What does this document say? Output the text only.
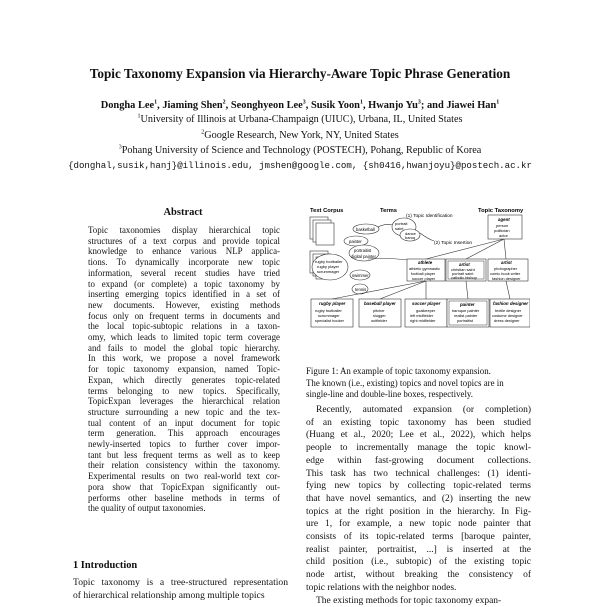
Topic Taxonomy Expansion via Hierarchy-Aware Topic Phrase Generation
Dongha Lee$^1$, Jiaming Shen$^2$, Seonghyeon Lee$^3$, Susik Yoon$^1$, Hwanjo Yu$^3$; and Jiawei Han$^1$
$^1$University of Illinois at Urbana-Champaign (UIUC), Urbana, IL, United States
$^2$Google Research, New York, NY, United States
$^3$Pohang University of Science and Technology (POSTECH), Pohang, Republic of Korea
{donghal,susik,hanj}@illinois.edu, jmshen@google.com, {sh0416,hwanjoyu}@postech.ac.kr
Abstract
Topic taxonomies display hierarchical topic
structures of a text corpus and provide topical
knowledge to enhance various NLP applica-
tions. To dynamically incorporate new topic
information, several recent studies have tried
to expand (or complete) a topic taxonomy by
inserting emerging topics identified in a set of
new documents. However, existing methods
focus only on frequent terms in documents and
the local topic-subtopic relations in a taxon-
omy, which leads to limited topic term coverage
and fails to model the global topic hierarchy.
In this work, we propose a novel framework
for topic taxonomy expansion, named Topic-
Expan, which directly generates topic-related
terms belonging to new topics. Specifically,
TopicExpan leverages the hierarchical relation
structure surrounding a new topic and the tex-
tual content of an input document for topic
term generation. This approach encourages
newly-inserted topics to further cover impor-
tant but less frequent terms as well as to keep
their relation consistency within the taxonomy.
Experimental results on two real-world text cor-
pora show that TopicExpan significantly out-
performs other baseline methods in terms of
the quality of output taxonomies.
1 Introduction
Topic taxonomy is a tree-structured representation
of hierarchical relationship among multiple topics
Text Corpus	Terms	Topic Taxonomy
basketball
painter
portraitist
digital painter
rugby footballer
rugby player
scrummager
swimmer
tennis
portrait
saint
dance
baroq
(1) Topic Identification
(2) Topic Insertion
agent
person
politician
actor
athlete
athletic gymnastic
football player
soccer player
artist
christian saint
portrait saint
catholic bishop
artist
photographer
comic book writer
fashion designer
rugby player
rugby footballer
scrummager
specialist hooker
baseball player
pitcher
slugger
outfielder
soccer player
goalkeeper
left midfielder
right midfielder
painter
baroque painter
realist painter
portraitist
fashion designer
textile designer
costume designer
dress designer
Figure 1: An example of topic taxonomy expansion.
The known (i.e., existing) topics and novel topics are in
single-line and double-line boxes, respectively.
Recently, automated expansion (or completion)
of an existing topic taxonomy has been studied
(Huang et al., 2020; Lee et al., 2022), which helps
people to incrementally manage the topic knowl-
edge within fast-growing document collections.
This task has two technical challenges: (1) identi-
fying new topics by collecting topic-related terms
that have novel semantics, and (2) inserting the new
topics at the right position in the hierarchy. In Fig-
ure 1, for example, a new topic node painter that
consists of its topic-related terms [baroque painter,
realist painter, portraitist, ...] is inserted at the
child position (i.e., subtopic) of the existing topic
node artist, without breaking the consistency of
topic relations with the neighbor nodes.
The existing methods for topic taxonomy expan-
